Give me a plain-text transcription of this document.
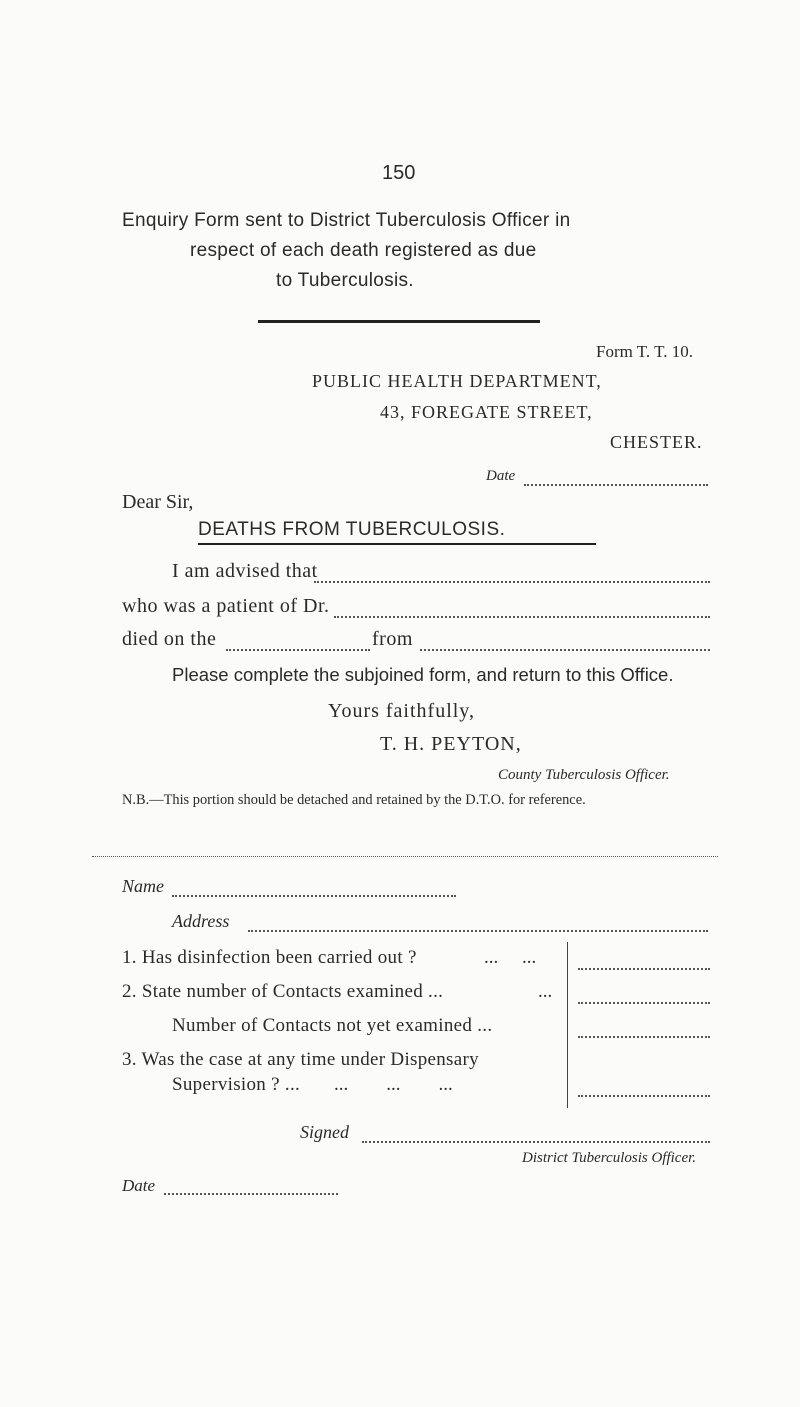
150
Enquiry Form sent to District Tuberculosis Officer in
respect of each death registered as due
to Tuberculosis.
Form T. T. 10.
PUBLIC HEALTH DEPARTMENT,
43, FOREGATE STREET,
CHESTER.
Date
Dear Sir,
DEATHS FROM TUBERCULOSIS.
I am advised that
who was a patient of Dr.
died on the	from
Please complete the subjoined form, and return to this Office.
Yours faithfully,
T. H. PEYTON,
County Tuberculosis Officer.
N.B.—This portion should be detached and retained by the D.T.O. for reference.
Name
Address
1. Has disinfection been carried out ?	...     ...
2. State number of Contacts examined ...	...
Number of Contacts not yet examined ...
3. Was the case at any time under Dispensary
Supervision ? ... ...        ...        ...
Signed
District Tuberculosis Officer.
Date
